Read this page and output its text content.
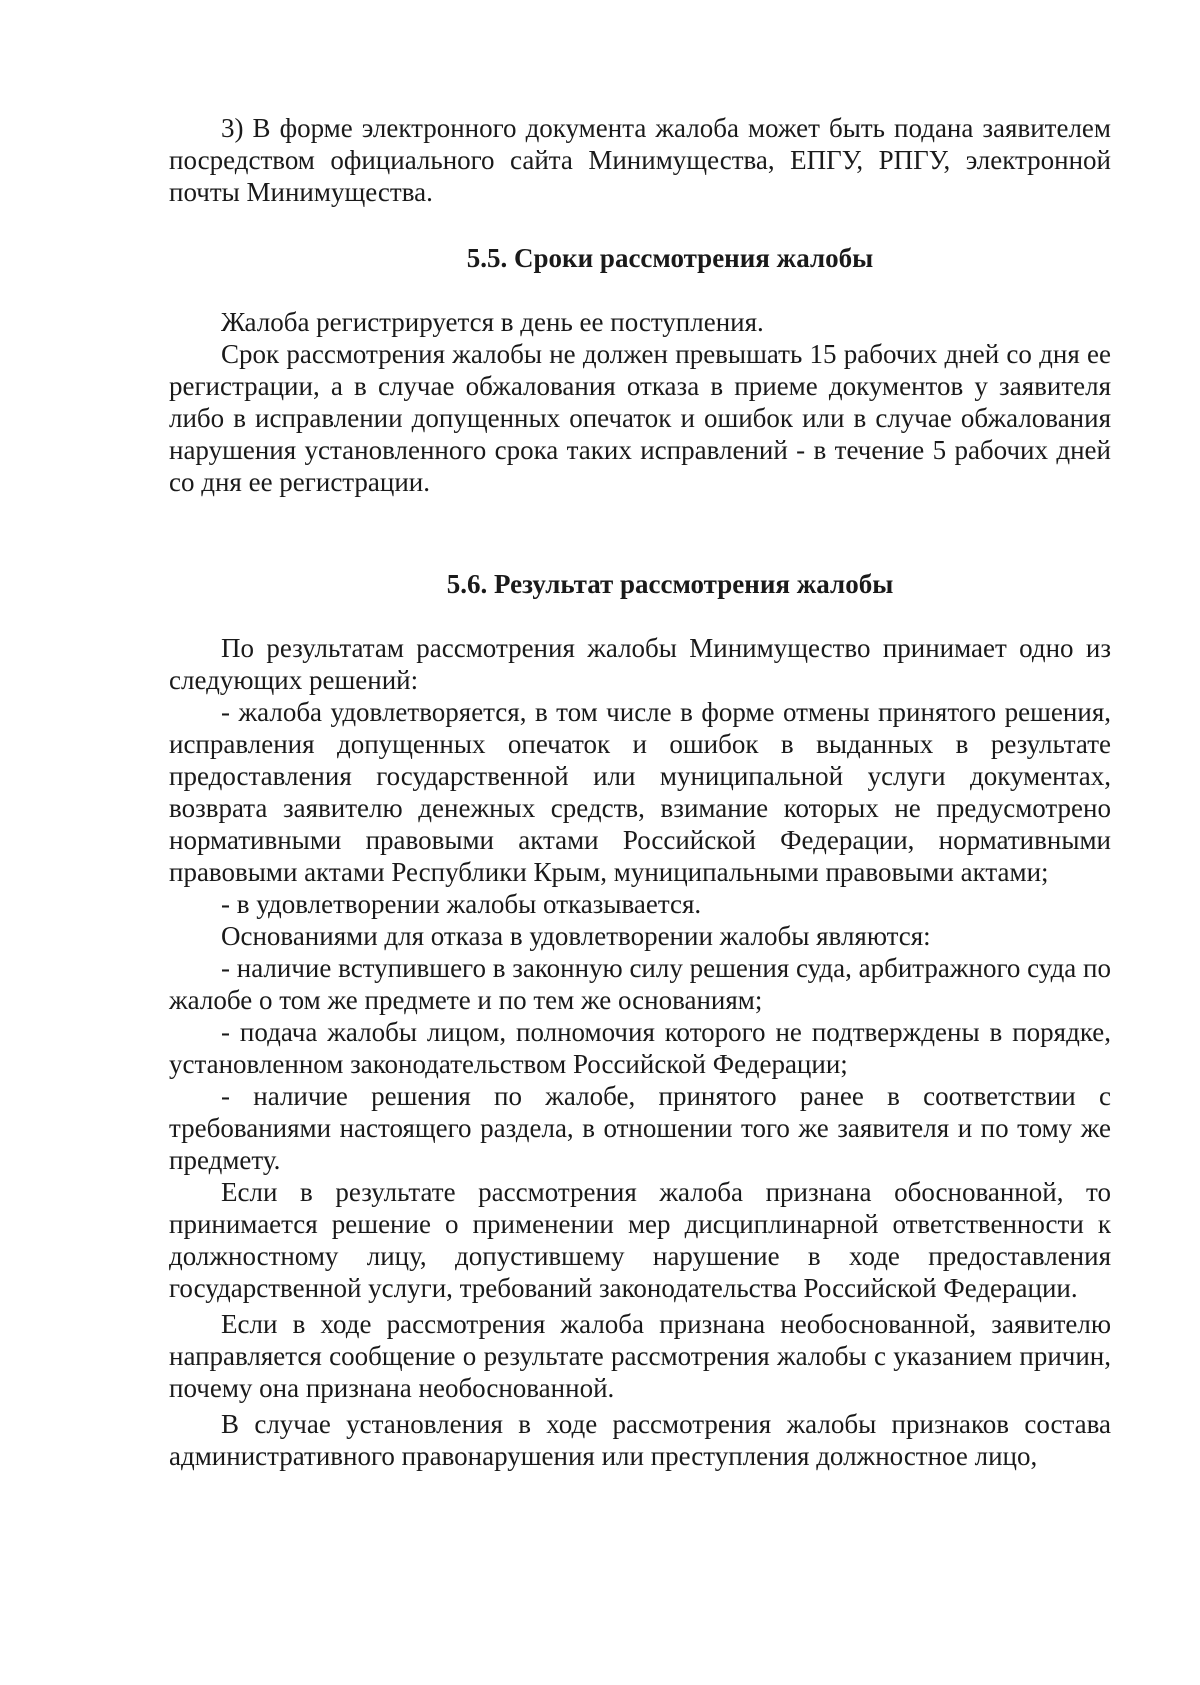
3) В форме электронного документа жалоба может быть подана заявителем посредством официального сайта Минимущества, ЕПГУ, РПГУ, электронной почты Минимущества.

5.5. Сроки рассмотрения жалобы

Жалоба регистрируется в день ее поступления.

Срок рассмотрения жалобы не должен превышать 15 рабочих дней со дня ее регистрации, а в случае обжалования отказа в приеме документов у заявителя либо в исправлении допущенных опечаток и ошибок или в случае обжалования нарушения установленного срока таких исправлений - в течение 5 рабочих дней со дня ее регистрации.

5.6. Результат рассмотрения жалобы

По результатам рассмотрения жалобы Минимущество принимает одно из следующих решений:

- жалоба удовлетворяется, в том числе в форме отмены принятого решения, исправления допущенных опечаток и ошибок в выданных в результате предоставления государственной или муниципальной услуги документах, возврата заявителю денежных средств, взимание которых не предусмотрено нормативными правовыми актами Российской Федерации, нормативными правовыми актами Республики Крым, муниципальными правовыми актами;

- в удовлетворении жалобы отказывается.

Основаниями для отказа в удовлетворении жалобы являются:

- наличие вступившего в законную силу решения суда, арбитражного суда по жалобе о том же предмете и по тем же основаниям;

- подача жалобы лицом, полномочия которого не подтверждены в порядке, установленном законодательством Российской Федерации;

- наличие решения по жалобе, принятого ранее в соответствии с требованиями настоящего раздела, в отношении того же заявителя и по тому же предмету.

Если в результате рассмотрения жалоба признана обоснованной, то принимается решение о применении мер дисциплинарной ответственности к должностному лицу, допустившему нарушение в ходе предоставления государственной услуги, требований законодательства Российской Федерации.

Если в ходе рассмотрения жалоба признана необоснованной, заявителю направляется сообщение о результате рассмотрения жалобы с указанием причин, почему она признана необоснованной.

В случае установления в ходе рассмотрения жалобы признаков состава административного правонарушения или преступления должностное лицо,
